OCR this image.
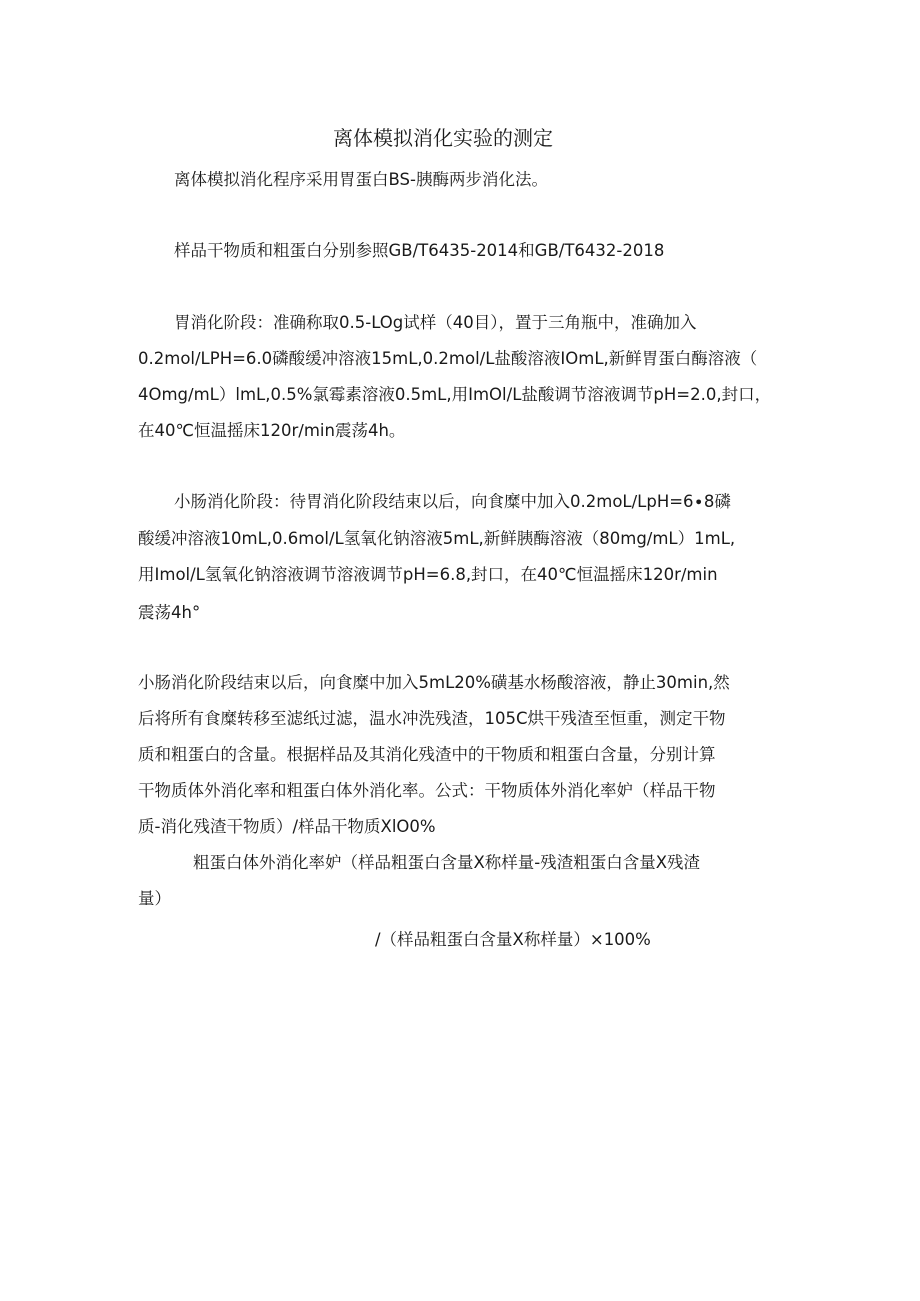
离体模拟消化实验的测定
离体模拟消化程序采用胃蛋白BS-胰酶两步消化法。
样品干物质和粗蛋白分别参照GB/T6435-2014和GB/T6432-2018
胃消化阶段：准确称取0.5-LOg试样（40目），置于三角瓶中，准确加入
0.2mol∕LPH=6.0磷酸缓冲溶液15mL,0.2mol∕L盐酸溶液IOmL,新鲜胃蛋白酶溶液（
4Omg∕mL）lmL,0.5%氯霉素溶液0.5mL,用ImOl/L盐酸调节溶液调节pH=2.0,封口，
在40℃恒温摇床120r∕min震荡4h。
小肠消化阶段：待胃消化阶段结束以后，向食糜中加入0.2moL∕LpH=6∙8磷
酸缓冲溶液10mL,0.6mol∕L氢氧化钠溶液5mL,新鲜胰酶溶液（80mg∕mL）1mL,
用Imol/L氢氧化钠溶液调节溶液调节pH=6.8,封口，在40℃恒温摇床120r∕min
震荡4h°
小肠消化阶段结束以后，向食糜中加入5mL20%磺基水杨酸溶液，静止30min,然
后将所有食糜转移至滤纸过滤，温水冲洗残渣，105C烘干残渣至恒重，测定干物
质和粗蛋白的含量。根据样品及其消化残渣中的干物质和粗蛋白含量，分别计算
干物质体外消化率和粗蛋白体外消化率。公式：干物质体外消化率妒（样品干物
质-消化残渣干物质）/样品干物质XlO0%
粗蛋白体外消化率妒（样品粗蛋白含量X称样量-残渣粗蛋白含量X残渣
量）
/（样品粗蛋白含量X称样量）×100%
